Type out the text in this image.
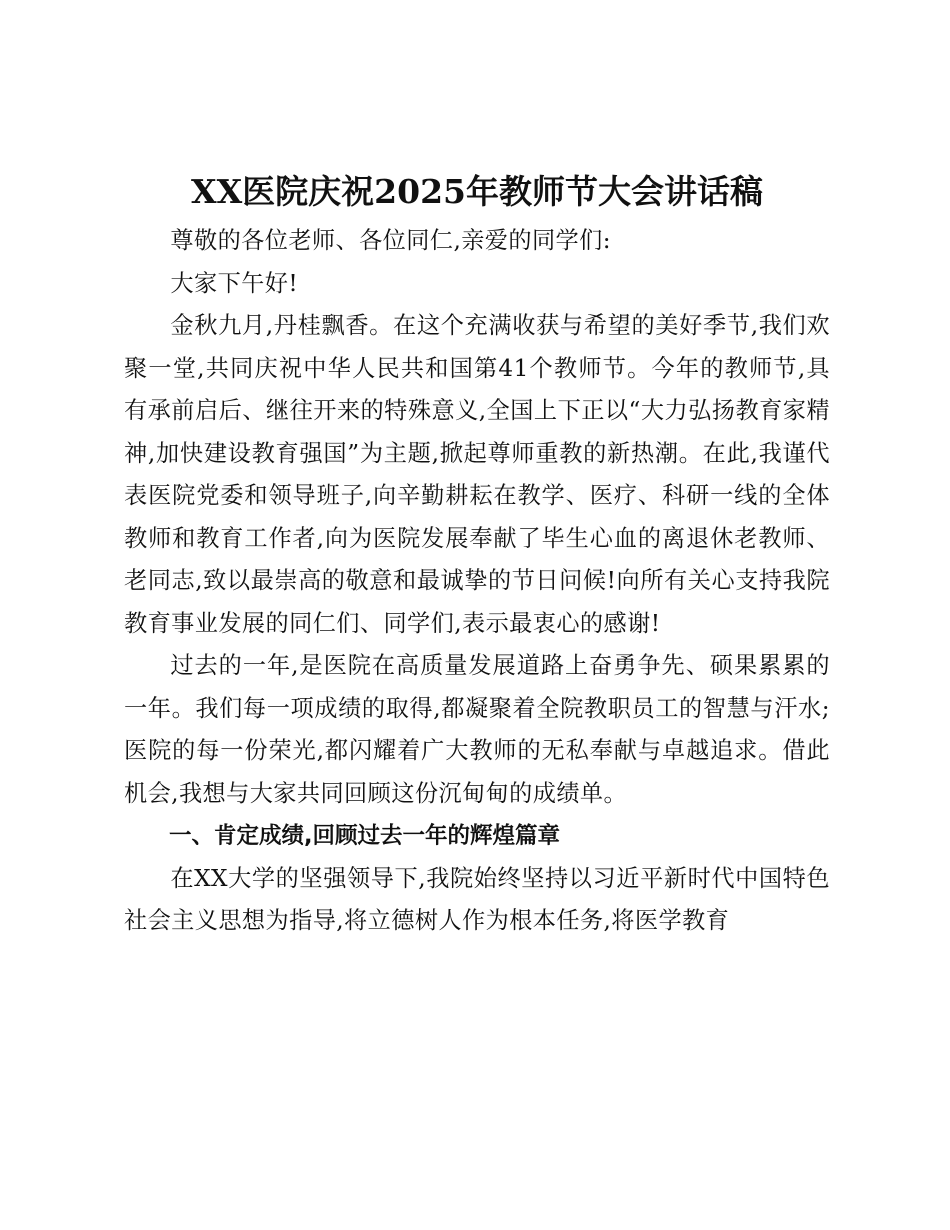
XX医院庆祝2025年教师节大会讲话稿

尊敬的各位老师、各位同仁,亲爱的同学们:

大家下午好!

金秋九月,丹桂飘香。在这个充满收获与希望的美好季节,我们欢聚一堂,共同庆祝中华人民共和国第41个教师节。今年的教师节,具有承前启后、继往开来的特殊意义,全国上下正以“大力弘扬教育家精神,加快建设教育强国”为主题,掀起尊师重教的新热潮。在此,我谨代表医院党委和领导班子,向辛勤耕耘在教学、医疗、科研一线的全体教师和教育工作者,向为医院发展奉献了毕生心血的离退休老教师、老同志,致以最崇高的敬意和最诚挚的节日问候!向所有关心支持我院教育事业发展的同仁们、同学们,表示最衷心的感谢!

过去的一年,是医院在高质量发展道路上奋勇争先、硕果累累的一年。我们每一项成绩的取得,都凝聚着全院教职员工的智慧与汗水;医院的每一份荣光,都闪耀着广大教师的无私奉献与卓越追求。借此机会,我想与大家共同回顾这份沉甸甸的成绩单。

一、肯定成绩,回顾过去一年的辉煌篇章

在XX大学的坚强领导下,我院始终坚持以习近平新时代中国特色社会主义思想为指导,将立德树人作为根本任务,将医学教育
